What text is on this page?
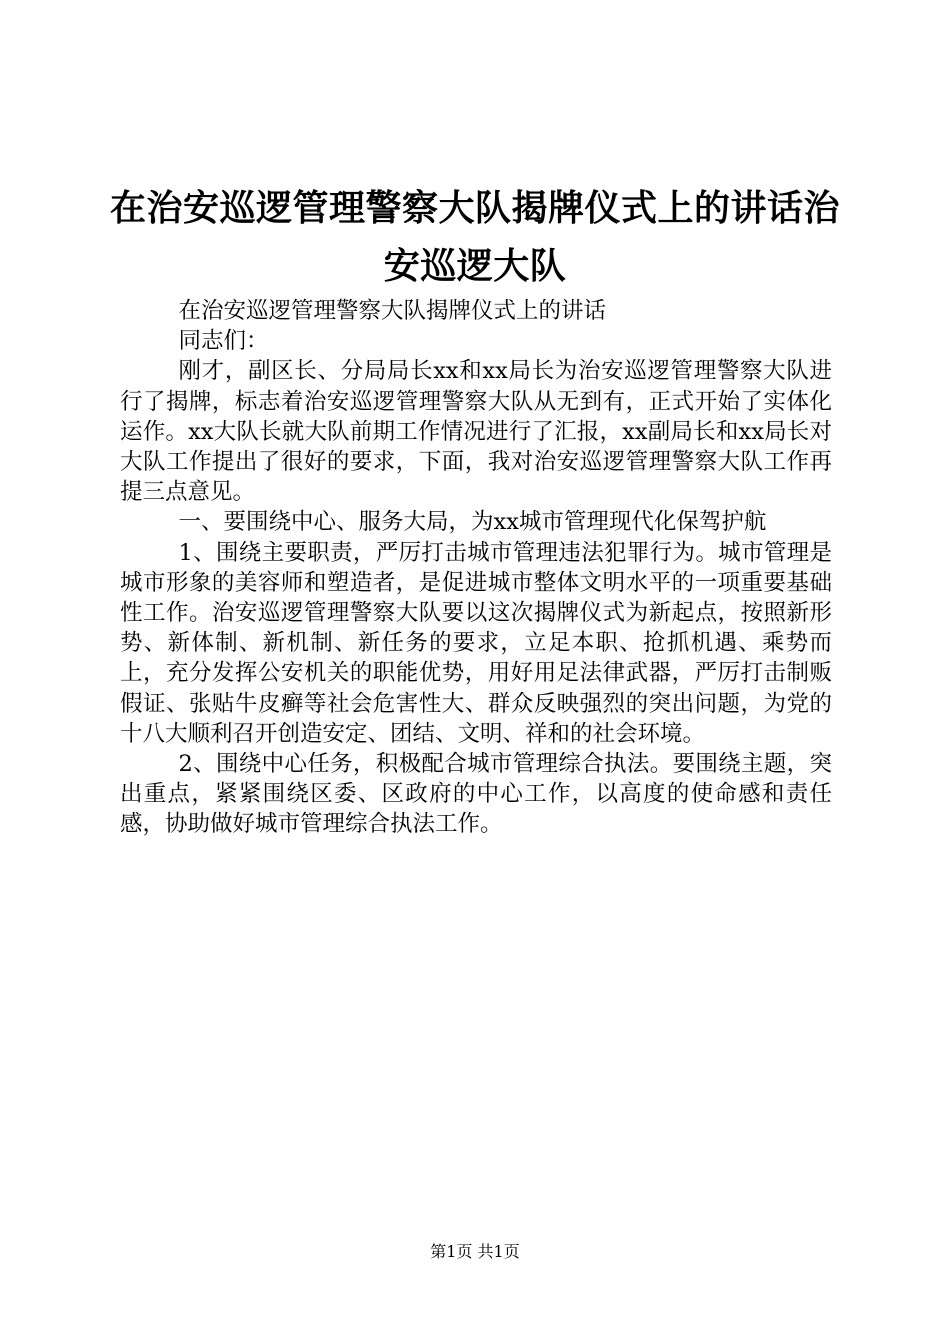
在治安巡逻管理警察大队揭牌仪式上的讲话治安巡逻大队

在治安巡逻管理警察大队揭牌仪式上的讲话

同志们：

刚才，副区长、分局局长xx和xx局长为治安巡逻管理警察大队进行了揭牌，标志着治安巡逻管理警察大队从无到有，正式开始了实体化运作。xx大队长就大队前期工作情况进行了汇报，xx副局长和xx局长对大队工作提出了很好的要求，下面，我对治安巡逻管理警察大队工作再提三点意见。

一、要围绕中心、服务大局，为xx城市管理现代化保驾护航

1、围绕主要职责，严厉打击城市管理违法犯罪行为。城市管理是城市形象的美容师和塑造者，是促进城市整体文明水平的一项重要基础性工作。治安巡逻管理警察大队要以这次揭牌仪式为新起点，按照新形势、新体制、新机制、新任务的要求，立足本职、抢抓机遇、乘势而上，充分发挥公安机关的职能优势，用好用足法律武器，严厉打击制贩假证、张贴牛皮癣等社会危害性大、群众反映强烈的突出问题，为党的十八大顺利召开创造安定、团结、文明、祥和的社会环境。

2、围绕中心任务，积极配合城市管理综合执法。要围绕主题，突出重点，紧紧围绕区委、区政府的中心工作，以高度的使命感和责任感，协助做好城市管理综合执法工作。

第1页 共1页
